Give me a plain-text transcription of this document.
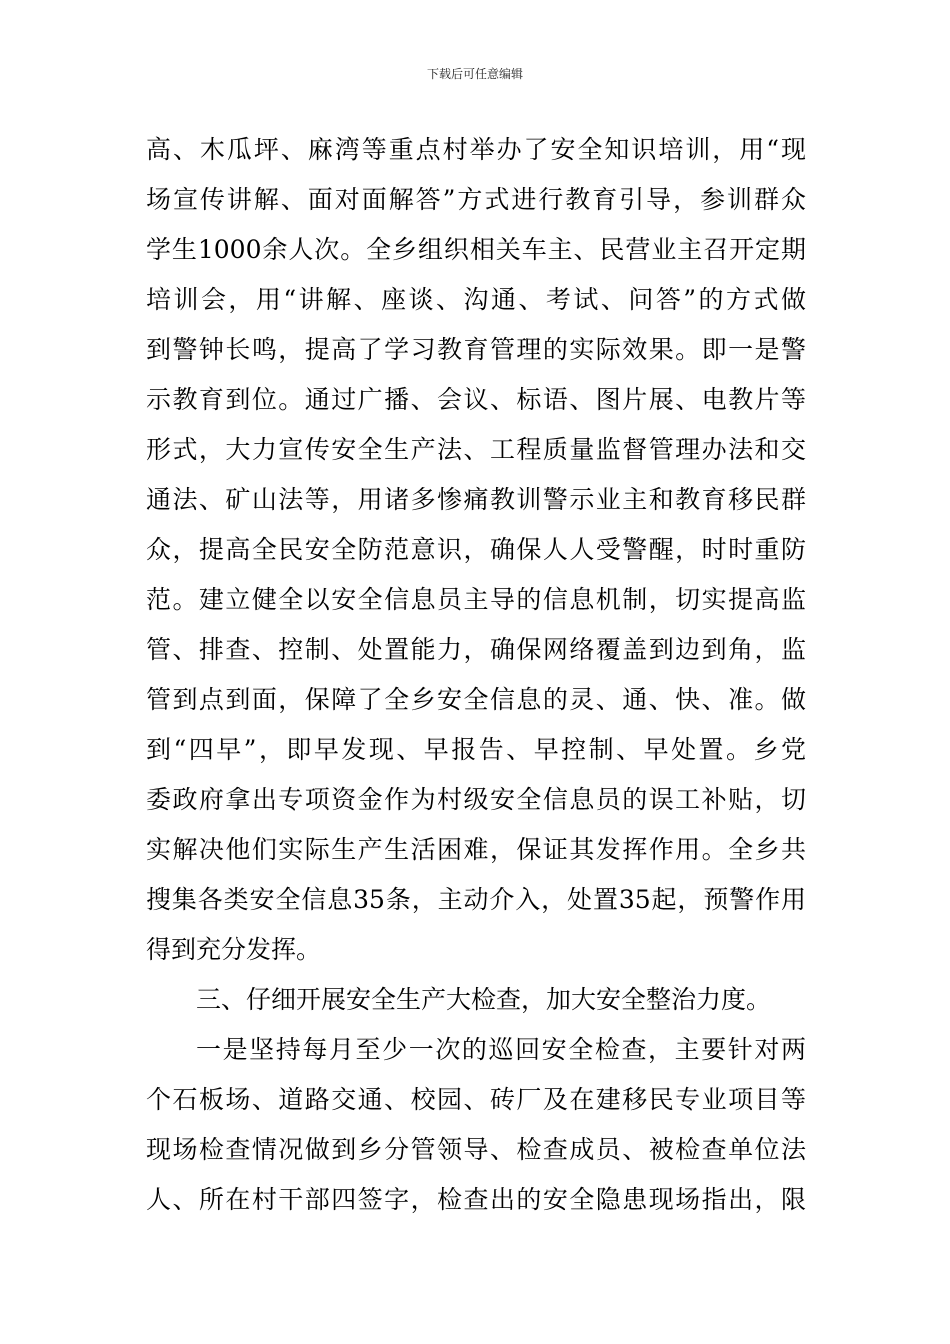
下载后可任意编辑
高、木瓜坪、麻湾等重点村举办了安全知识培训，用“现
场宣传讲解、面对面解答”方式进行教育引导，参训群众
学生1000余人次。全乡组织相关车主、民营业主召开定期
培训会，用“讲解、座谈、沟通、考试、问答”的方式做
到警钟长鸣，提高了学习教育管理的实际效果。即一是警
示教育到位。通过广播、会议、标语、图片展、电教片等
形式，大力宣传安全生产法、工程质量监督管理办法和交
通法、矿山法等，用诸多惨痛教训警示业主和教育移民群
众，提高全民安全防范意识，确保人人受警醒，时时重防
范。建立健全以安全信息员主导的信息机制，切实提高监
管、排查、控制、处置能力，确保网络覆盖到边到角，监
管到点到面，保障了全乡安全信息的灵、通、快、准。做
到“四早”，即早发现、早报告、早控制、早处置。乡党
委政府拿出专项资金作为村级安全信息员的误工补贴，切
实解决他们实际生产生活困难，保证其发挥作用。全乡共
搜集各类安全信息35条，主动介入，处置35起，预警作用
得到充分发挥。
三、仔细开展安全生产大检查，加大安全整治力度。
一是坚持每月至少一次的巡回安全检查，主要针对两
个石板场、道路交通、校园、砖厂及在建移民专业项目等
现场检查情况做到乡分管领导、检查成员、被检查单位法
人、所在村干部四签字，检查出的安全隐患现场指出，限
